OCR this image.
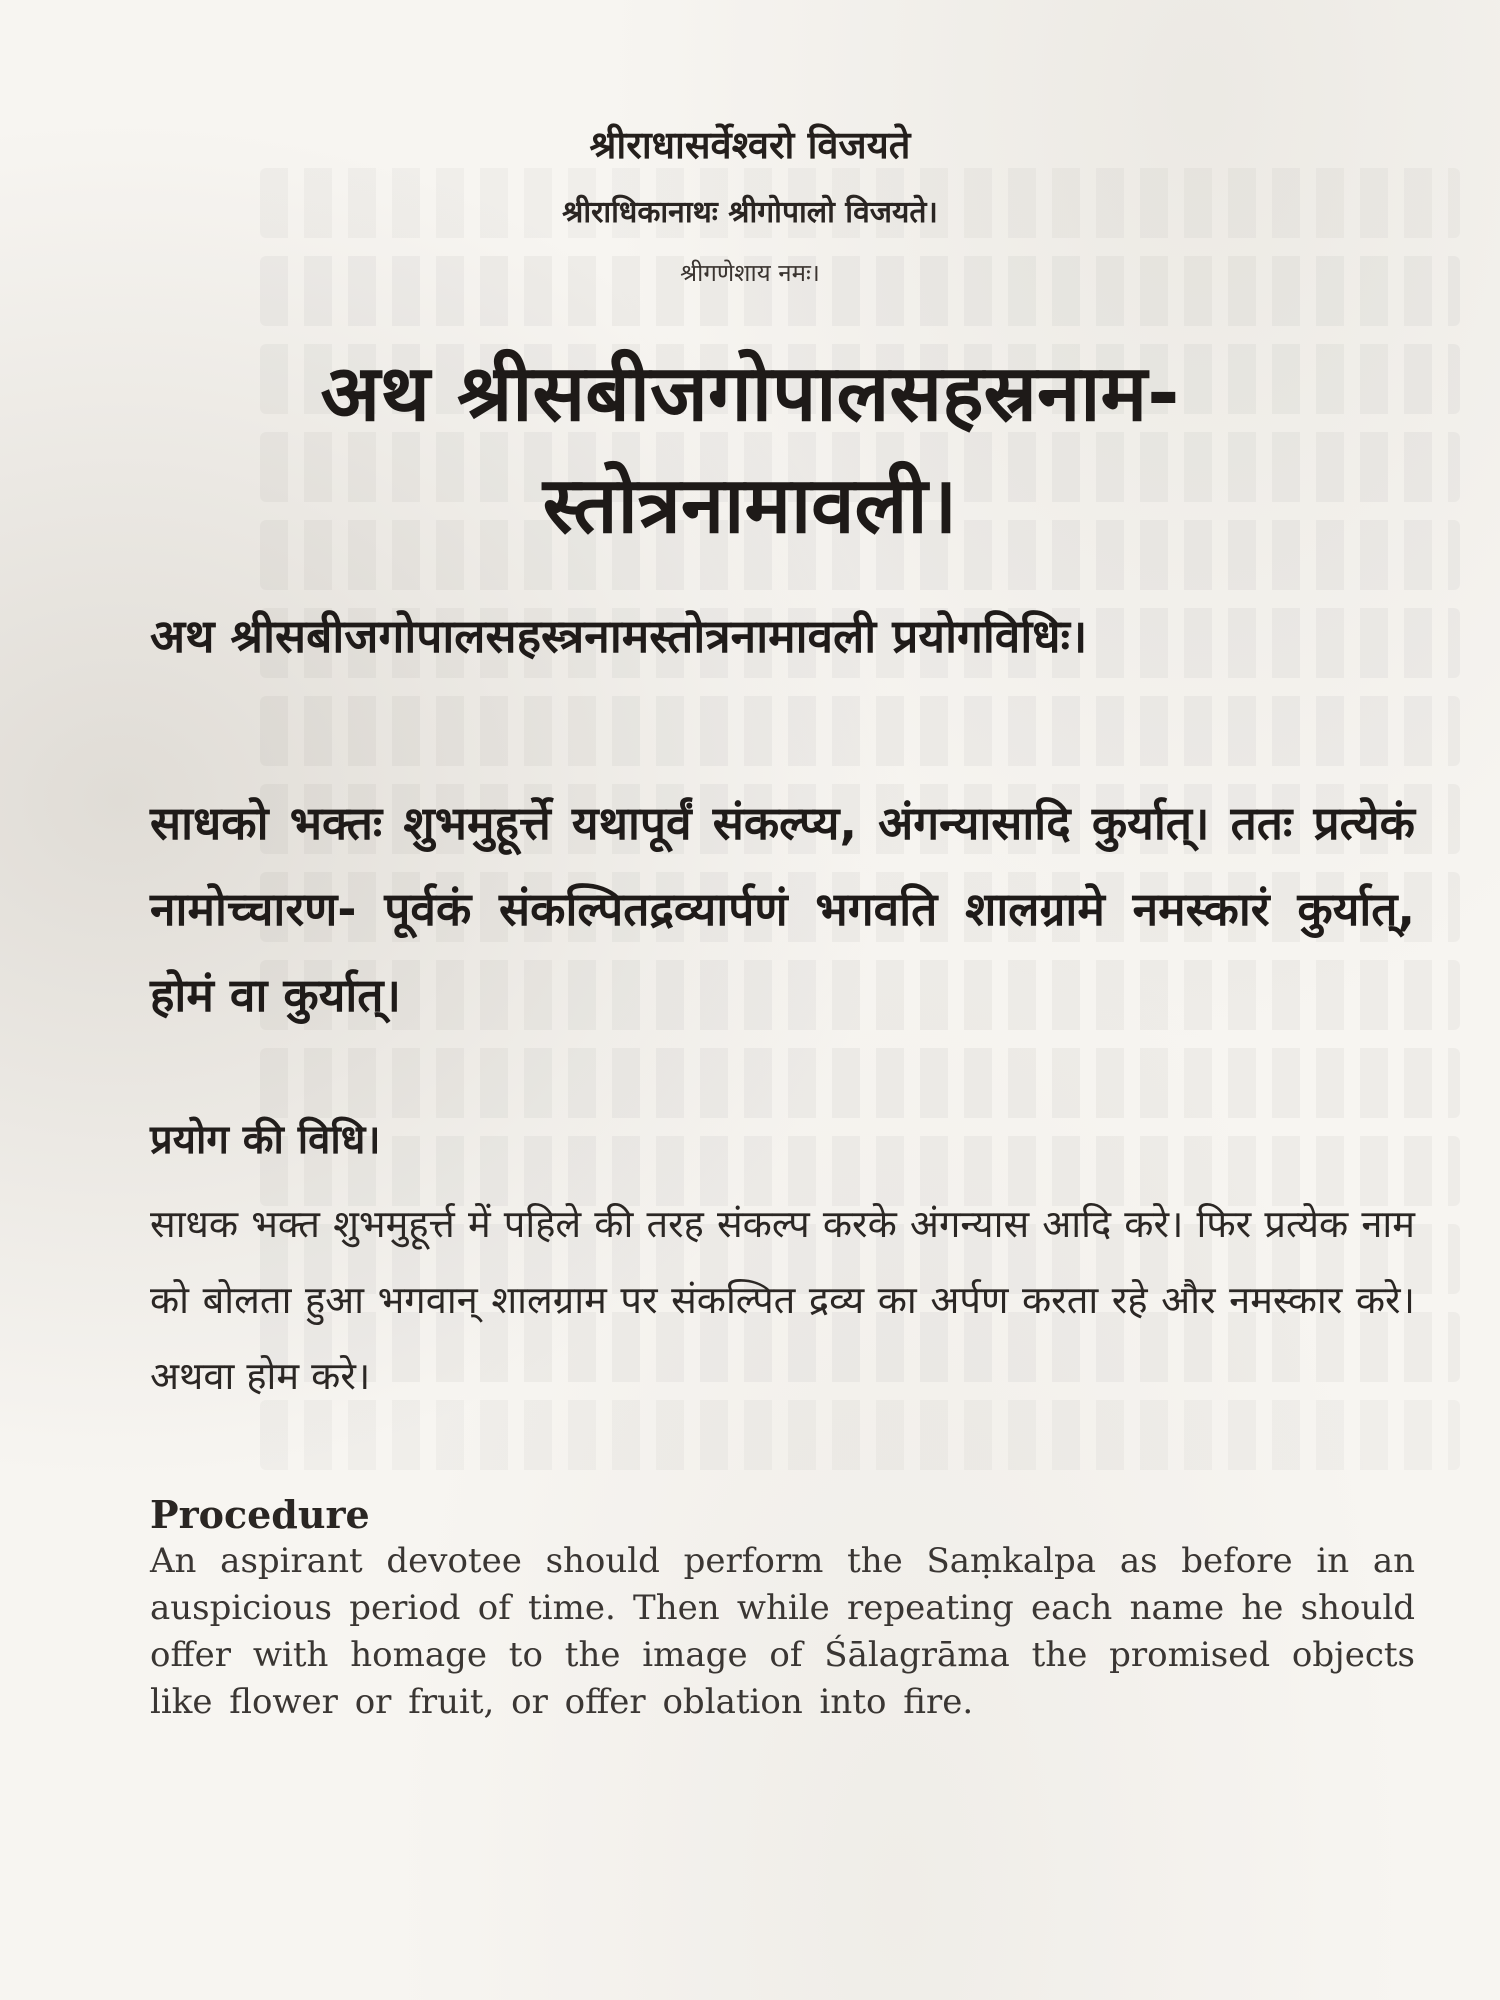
श्रीराधासर्वेश्वरो विजयते
श्रीराधिकानाथः श्रीगोपालो विजयते।
श्रीगणेशाय नमः।
अथ श्रीसबीजगोपालसहस्रनाम-
स्तोत्रनामावली।
अथ श्रीसबीजगोपालसहस्त्रनामस्तोत्रनामावली प्रयोगविधिः।
साधको भक्तः शुभमुहूर्त्ते यथापूर्वं संकल्प्य, अंगन्यासादि कुर्यात्। ततः प्रत्येकं नामोच्चारण- पूर्वकं संकल्पितद्रव्यार्पणं भगवति शालग्रामे नमस्कारं कुर्यात्, होमं वा कुर्यात्।
प्रयोग की विधि।
साधक भक्त शुभमुहूर्त्त में पहिले की तरह संकल्प करके अंगन्यास आदि करे। फिर प्रत्येक नाम को बोलता हुआ भगवान् शालग्राम पर संकल्पित द्रव्य का अर्पण करता रहे और नमस्कार करे। अथवा होम करे।
Procedure
An aspirant devotee should perform the Saṃkalpa as before in an auspicious period of time. Then while repeating each name he should offer with homage to the image of Śālagrāma the promised objects like flower or fruit, or offer oblation into fire.
